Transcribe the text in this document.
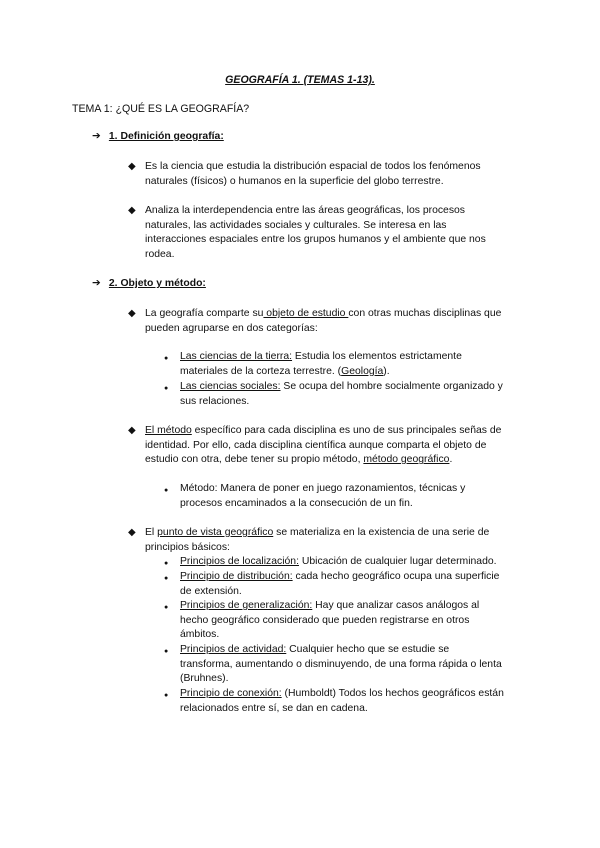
GEOGRAFÍA 1. (TEMAS 1-13).
TEMA 1: ¿QUÉ ES LA GEOGRAFÍA?
➔ 1. Definición geografía:
◆ Es la ciencia que estudia la distribución espacial de todos los fenómenos
naturales (físicos) o humanos en la superficie del globo terrestre.
◆ Analiza la interdependencia entre las áreas geográficas, los procesos
naturales, las actividades sociales y culturales. Se interesa en las
interacciones espaciales entre los grupos humanos y el ambiente que nos
rodea.
➔ 2. Objeto y método:
◆ La geografía comparte su objeto de estudio con otras muchas disciplinas que
pueden agruparse en dos categorías:
● Las ciencias de la tierra: Estudia los elementos estrictamente
materiales de la corteza terrestre. (Geología).
● Las ciencias sociales: Se ocupa del hombre socialmente organizado y
sus relaciones.
◆ El método específico para cada disciplina es uno de sus principales señas de
identidad. Por ello, cada disciplina científica aunque comparta el objeto de
estudio con otra, debe tener su propio método, método geográfico.
● Método: Manera de poner en juego razonamientos, técnicas y
procesos encaminados a la consecución de un fin.
◆ El punto de vista geográfico se materializa en la existencia de una serie de
principios básicos:
● Principios de localización: Ubicación de cualquier lugar determinado.
● Principio de distribución: cada hecho geográfico ocupa una superficie
de extensión.
● Principios de generalización: Hay que analizar casos análogos al
hecho geográfico considerado que pueden registrarse en otros
ámbitos.
● Principios de actividad: Cualquier hecho que se estudie se
transforma, aumentando o disminuyendo, de una forma rápida o lenta
(Bruhnes).
● Principio de conexión: (Humboldt) Todos los hechos geográficos están
relacionados entre sí, se dan en cadena.
